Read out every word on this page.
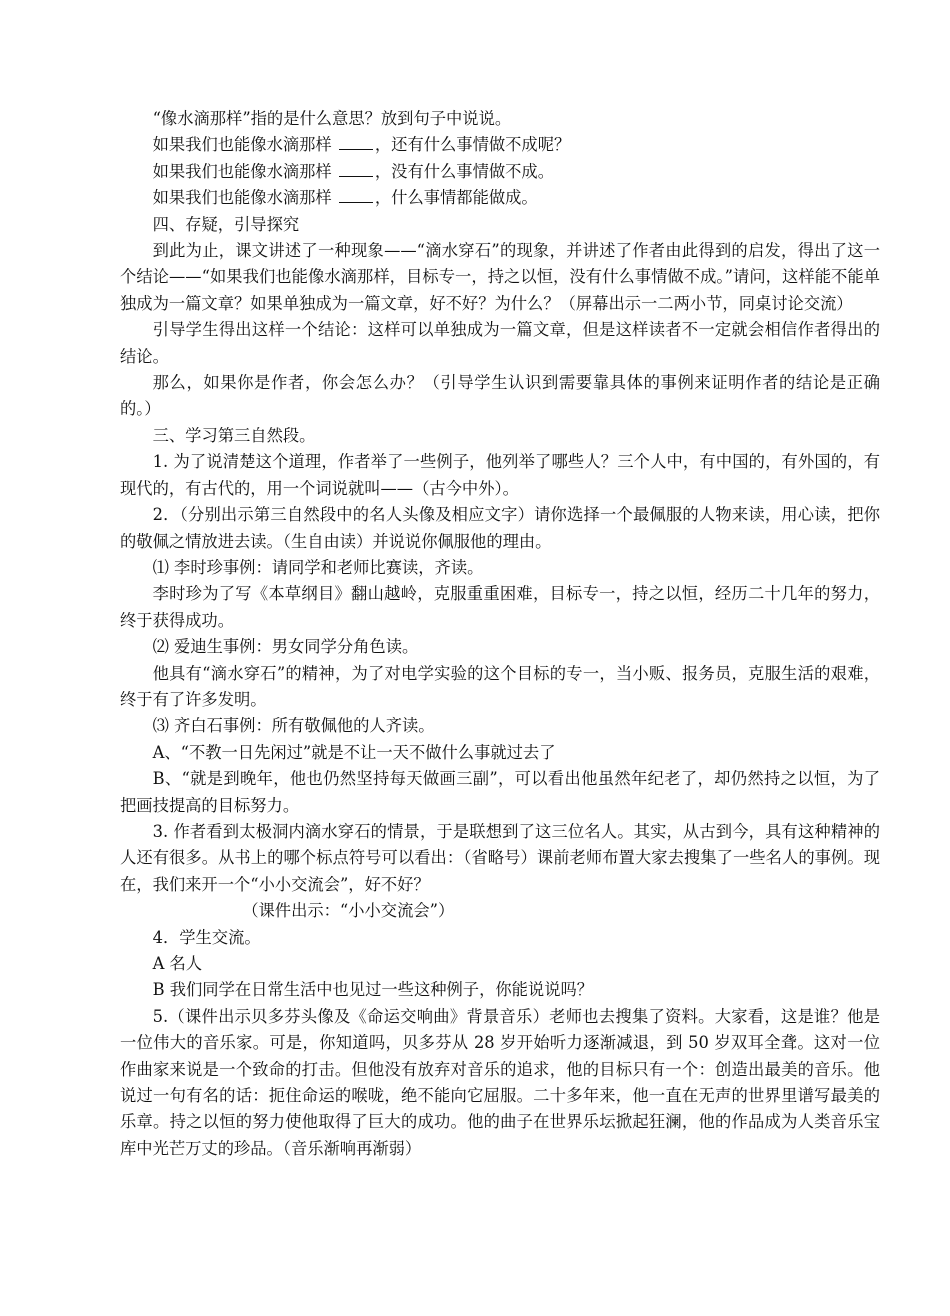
“像水滴那样”指的是什么意思？放到句子中说说。

如果我们也能像水滴那样 ，还有什么事情做不成呢？

如果我们也能像水滴那样 ，没有什么事情做不成。

如果我们也能像水滴那样 ，什么事情都能做成。

四、存疑，引导探究

到此为止，课文讲述了一种现象——“滴水穿石”的现象，并讲述了作者由此得到的启发，得出了这一个结论——“如果我们也能像水滴那样，目标专一，持之以恒，没有什么事情做不成。”请问，这样能不能单独成为一篇文章？如果单独成为一篇文章，好不好？为什么？（屏幕出示一二两小节，同桌讨论交流）

引导学生得出这样一个结论：这样可以单独成为一篇文章，但是这样读者不一定就会相信作者得出的结论。

那么，如果你是作者，你会怎么办？（引导学生认识到需要靠具体的事例来证明作者的结论是正确的。）

三、学习第三自然段。

1. 为了说清楚这个道理，作者举了一些例子，他列举了哪些人？三个人中，有中国的，有外国的，有现代的，有古代的，用一个词说就叫——（古今中外）。

2．（分别出示第三自然段中的名人头像及相应文字）请你选择一个最佩服的人物来读，用心读，把你的敬佩之情放进去读。（生自由读）并说说你佩服他的理由。

⑴ 李时珍事例：请同学和老师比赛读，齐读。

李时珍为了写《本草纲目》翻山越岭，克服重重困难，目标专一，持之以恒，经历二十几年的努力，终于获得成功。

⑵ 爱迪生事例：男女同学分角色读。

他具有“滴水穿石”的精神，为了对电学实验的这个目标的专一，当小贩、报务员，克服生活的艰难，终于有了许多发明。

⑶ 齐白石事例：所有敬佩他的人齐读。

A、“不教一日先闲过”就是不让一天不做什么事就过去了

B、“就是到晚年，他也仍然坚持每天做画三副”，可以看出他虽然年纪老了，却仍然持之以恒，为了把画技提高的目标努力。

3. 作者看到太极洞内滴水穿石的情景，于是联想到了这三位名人。其实，从古到今，具有这种精神的人还有很多。从书上的哪个标点符号可以看出：（省略号）课前老师布置大家去搜集了一些名人的事例。现在，我们来开一个“小小交流会”，好不好？

（课件出示：“小小交流会”）

4．学生交流。

A 名人

B 我们同学在日常生活中也见过一些这种例子，你能说说吗？

5.（课件出示贝多芬头像及《命运交响曲》背景音乐）老师也去搜集了资料。大家看，这是谁？他是一位伟大的音乐家。可是，你知道吗，贝多芬从 28 岁开始听力逐渐减退，到 50 岁双耳全聋。这对一位作曲家来说是一个致命的打击。但他没有放弃对音乐的追求，他的目标只有一个：创造出最美的音乐。他说过一句有名的话：扼住命运的喉咙，绝不能向它屈服。二十多年来，他一直在无声的世界里谱写最美的乐章。持之以恒的努力使他取得了巨大的成功。他的曲子在世界乐坛掀起狂澜，他的作品成为人类音乐宝库中光芒万丈的珍品。（音乐渐响再渐弱）
